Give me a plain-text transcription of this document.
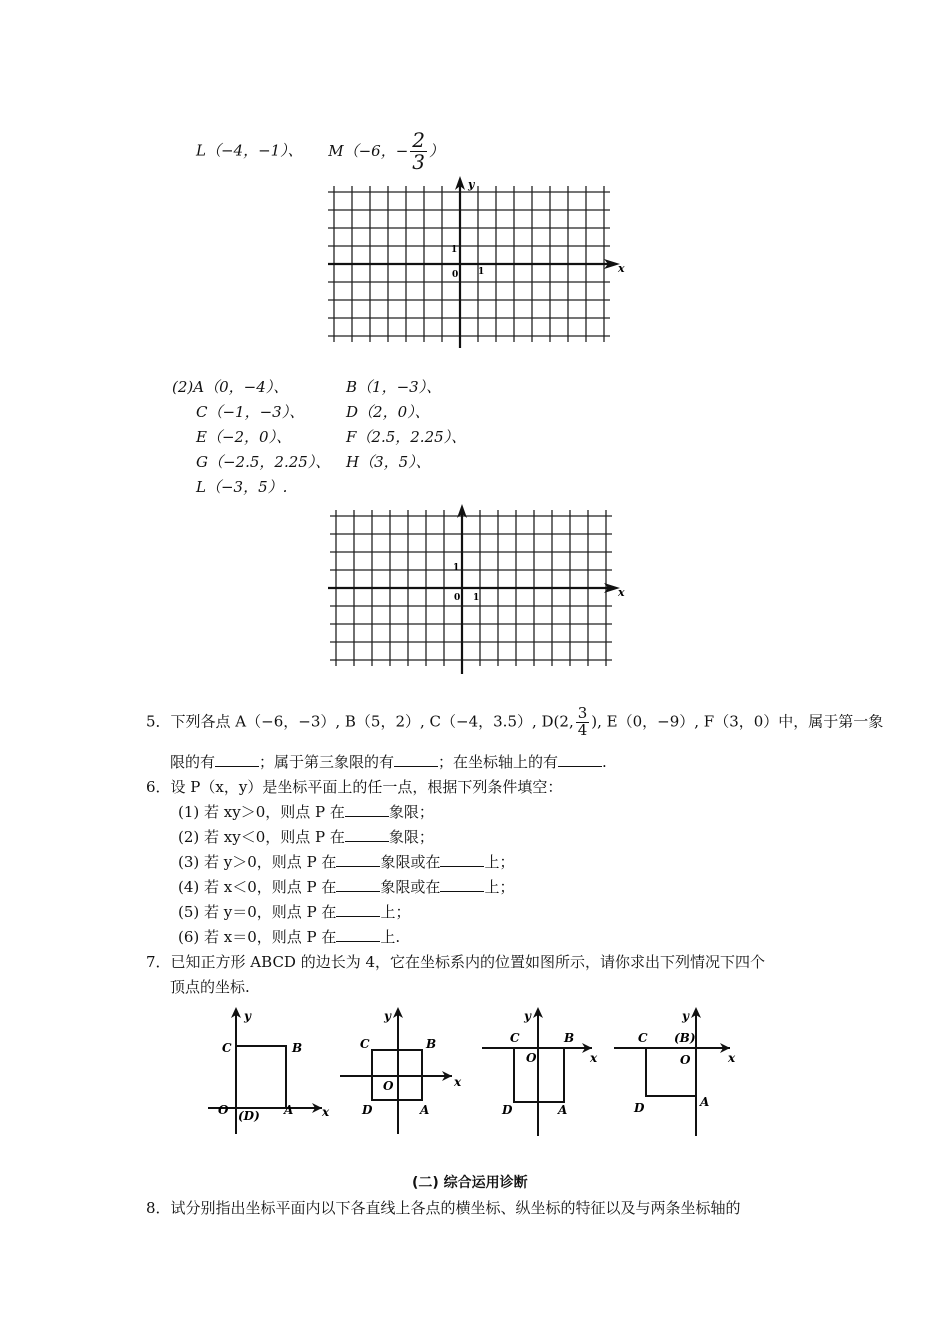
L（−4，−1）、 M（−6，− $\frac{2}{3}$ ）
y
x
1
0 1
(2)A（0，−4）、	B（1，−3）、
C（−1，−3）、	D（2，0）、
E（−2，0）、	F（2.5，2.25）、
G（−2.5，2.25）、 H（3，5）、
L（−3，5）.
x
1
0 1
5．下列各点 A（−6，−3）, B（5，2）, C（−4，3.5）, D(2, $\frac{3}{4}$ ), E（0，−9）, F（3，0）中，属于第一象
限的有	；属于第三象限的有	；在坐标轴上的有	.
6．设 P（x，y）是坐标平面上的任一点，根据下列条件填空：
(1) 若 xy＞0，则点 P 在	象限；
(2) 若 xy＜0，则点 P 在	象限；
(3) 若 y＞0，则点 P 在	象限或在	上；
(4) 若 x＜0，则点 P 在	象限或在	上；
(5) 若 y＝0，则点 P 在	上；
(6) 若 x＝0，则点 P 在	上.
7．已知正方形 ABCD 的边长为 4，它在坐标系内的位置如图所示，请你求出下列情况下四个
顶点的坐标.
y
x
C	B
O (D) A
y
x
C	B
O
D	A
y
x
C	B
O
D	A
y
x
C (B)
O
D	A
(二) 综合运用诊断
8．试分别指出坐标平面内以下各直线上各点的横坐标、纵坐标的特征以及与两条坐标轴的
